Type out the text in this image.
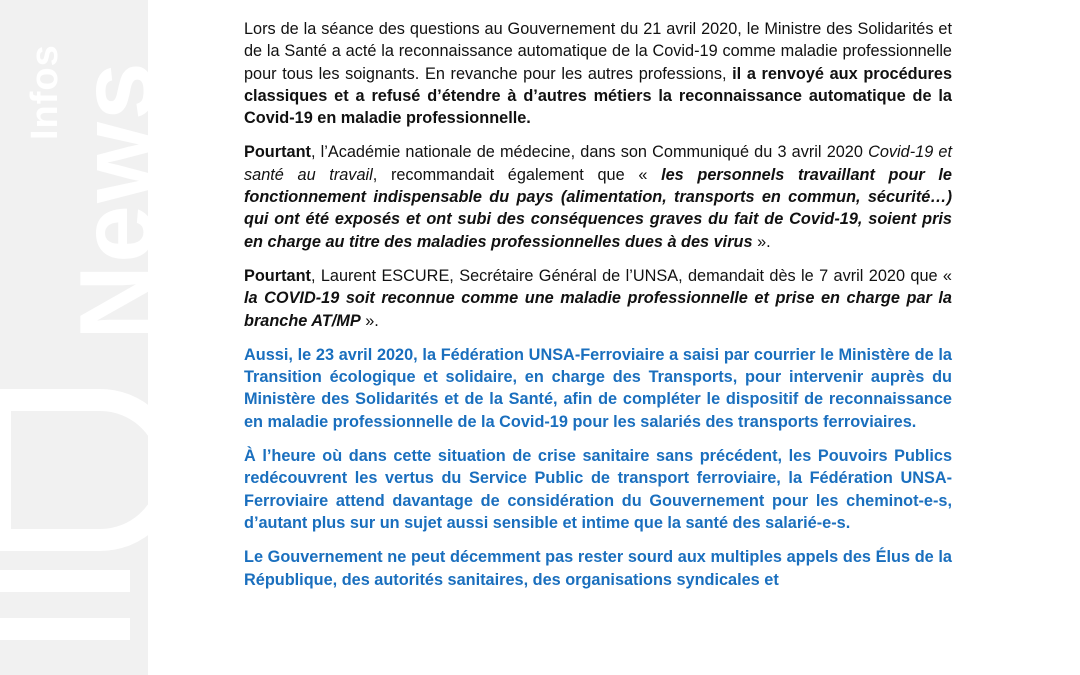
Infos
News

Lors de la séance des questions au Gouvernement du 21 avril 2020, le Ministre des Solidarités et de la Santé a acté la reconnaissance automatique de la Covid-19 comme maladie professionnelle pour tous les soignants. En revanche pour les autres professions, il a renvoyé aux procédures classiques et a refusé d’étendre à d’autres métiers la reconnaissance automatique de la Covid-19 en maladie professionnelle.

Pourtant, l’Académie nationale de médecine, dans son Communiqué du 3 avril 2020 Covid-19 et santé au travail, recommandait également que « les personnels travaillant pour le fonctionnement indispensable du pays (alimentation, transports en commun, sécurité…) qui ont été exposés et ont subi des conséquences graves du fait de Covid-19, soient pris en charge au titre des maladies professionnelles dues à des virus ».

Pourtant, Laurent ESCURE, Secrétaire Général de l’UNSA, demandait dès le 7 avril 2020 que « la COVID-19 soit reconnue comme une maladie professionnelle et prise en charge par la branche AT/MP ».

Aussi, le 23 avril 2020, la Fédération UNSA-Ferroviaire a saisi par courrier le Ministère de la Transition écologique et solidaire, en charge des Transports, pour intervenir auprès du Ministère des Solidarités et de la Santé, afin de compléter le dispositif de reconnaissance en maladie professionnelle de la Covid-19 pour les salariés des transports ferroviaires.

À l’heure où dans cette situation de crise sanitaire sans précédent, les Pouvoirs Publics redécouvrent les vertus du Service Public de transport ferroviaire, la Fédération UNSA-Ferroviaire attend davantage de considération du Gouvernement pour les cheminot-e-s, d’autant plus sur un sujet aussi sensible et intime que la santé des salarié-e-s.

Le Gouvernement ne peut décemment pas rester sourd aux multiples appels des Élus de la République, des autorités sanitaires, des organisations syndicales et
